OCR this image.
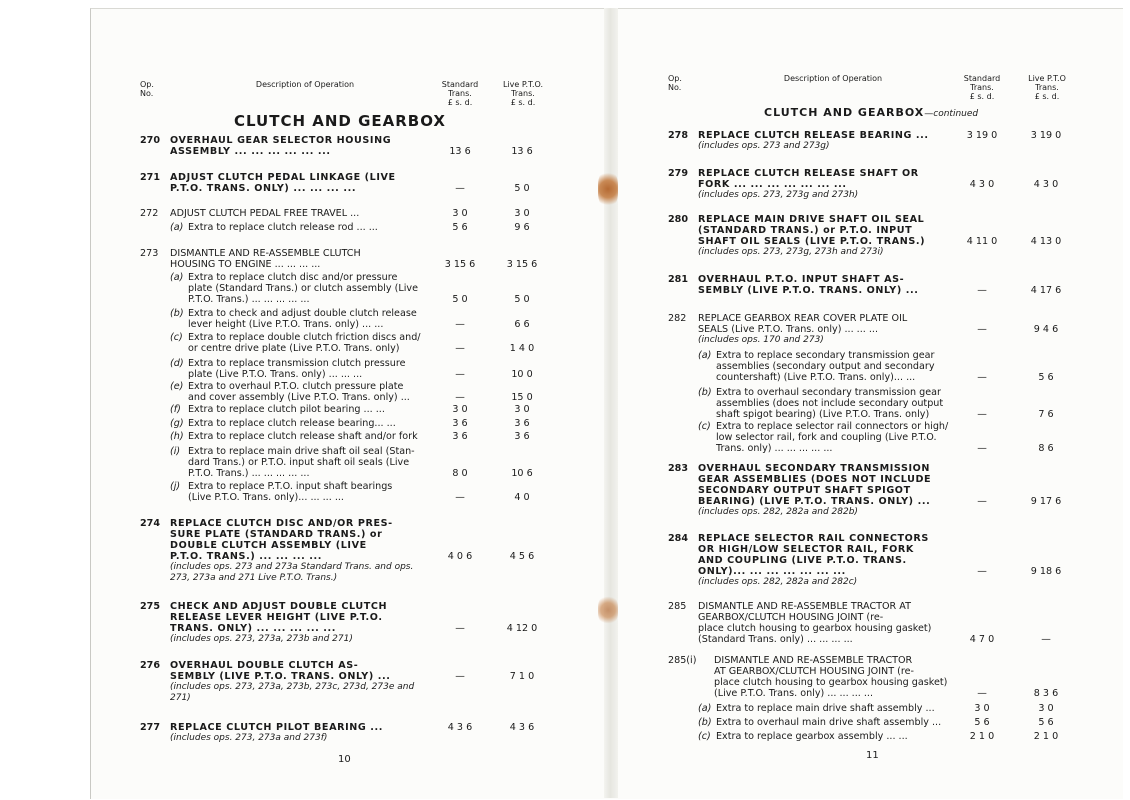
Op.
No.
Description of Operation	Standard
Trans.
£ s. d.
Live P.T.O.
Trans.
£ s. d.
CLUTCH AND GEARBOX
270 OVERHAUL GEAR SELECTOR HOUSING
ASSEMBLY ... ... ... ... ... ...	13 6	13 6
271 ADJUST CLUTCH PEDAL LINKAGE (LIVE
P.T.O. TRANS. ONLY) ... ... ... ...	—	5 0
272 ADJUST CLUTCH PEDAL FREE TRAVEL ...	3 0	3 0
(a) Extra to replace clutch release rod ... ...	5 6	9 6
273 DISMANTLE AND RE-ASSEMBLE CLUTCH
HOUSING TO ENGINE ... ... ... ...	3 15 6	3 15 6
(a) Extra to replace clutch disc and/or pressure
plate (Standard Trans.) or clutch assembly (Live
P.T.O. Trans.) ... ... ... ... ...	5 0	5 0
(b) Extra to check and adjust double clutch release
lever height (Live P.T.O. Trans. only) ... ...	—	6 6
(c) Extra to replace double clutch friction discs and/
or centre drive plate (Live P.T.O. Trans. only)	—	1 4 0
(d) Extra to replace transmission clutch pressure
plate (Live P.T.O. Trans. only) ... ... ...	—	10 0
(e) Extra to overhaul P.T.O. clutch pressure plate
and cover assembly (Live P.T.O. Trans. only) ...	—	15 0
(f) Extra to replace clutch pilot bearing ... ...	3 0	3 0
(g) Extra to replace clutch release bearing... ...	3 6	3 6
(h) Extra to replace clutch release shaft and/or fork	3 6	3 6
(i) Extra to replace main drive shaft oil seal (Stan-
dard Trans.) or P.T.O. input shaft oil seals (Live
P.T.O. Trans.) ... ... ... ... ...	8 0	10 6
(j) Extra to replace P.T.O. input shaft bearings
(Live P.T.O. Trans. only)... ... ... ...	—	4 0
274 REPLACE CLUTCH DISC AND/OR PRES-
SURE PLATE (STANDARD TRANS.) or
DOUBLE CLUTCH ASSEMBLY (LIVE
P.T.O. TRANS.) ... ... ... ...
(includes ops. 273 and 273a Standard Trans. and ops.
273, 273a and 271 Live P.T.O. Trans.)
4 0 6	4 5 6
275 CHECK AND ADJUST DOUBLE CLUTCH
RELEASE LEVER HEIGHT (LIVE P.T.O.
TRANS. ONLY) ... ... ... ... ...
(includes ops. 273, 273a, 273b and 271)
—	4 12 0
276 OVERHAUL DOUBLE CLUTCH AS-
SEMBLY (LIVE P.T.O. TRANS. ONLY) ...
(includes ops. 273, 273a, 273b, 273c, 273d, 273e and
271)
—	7 1 0
277 REPLACE CLUTCH PILOT BEARING ...
(includes ops. 273, 273a and 273f)
4 3 6	4 3 6
10
Op.
No.
Description of Operation	Standard
Trans.
£ s. d.
Live P.T.O
Trans.
£ s. d.
CLUTCH AND GEARBOX—continued
278 REPLACE CLUTCH RELEASE BEARING ...
(includes ops. 273 and 273g)
3 19 0	3 19 0
279 REPLACE CLUTCH RELEASE SHAFT OR
FORK ... ... ... ... ... ... ...
(includes ops. 273, 273g and 273h)
4 3 0	4 3 0
280 REPLACE MAIN DRIVE SHAFT OIL SEAL
(STANDARD TRANS.) or P.T.O. INPUT
SHAFT OIL SEALS (LIVE P.T.O. TRANS.)
(includes ops. 273, 273g, 273h and 273i)
4 11 0	4 13 0
281 OVERHAUL P.T.O. INPUT SHAFT AS-
SEMBLY (LIVE P.T.O. TRANS. ONLY) ...	—	4 17 6
282 REPLACE GEARBOX REAR COVER PLATE OIL
SEALS (Live P.T.O. Trans. only) ... ... ...
(includes ops. 170 and 273)
—	9 4 6
(a) Extra to replace secondary transmission gear
assemblies (secondary output and secondary
countershaft) (Live P.T.O. Trans. only)... ...	—	5 6
(b) Extra to overhaul secondary transmission gear
assemblies (does not include secondary output
shaft spigot bearing) (Live P.T.O. Trans. only)	—	7 6
(c) Extra to replace selector rail connectors or high/
low selector rail, fork and coupling (Live P.T.O.
Trans. only) ... ... ... ... ...	—	8 6
283 OVERHAUL SECONDARY TRANSMISSION
GEAR ASSEMBLIES (DOES NOT INCLUDE
SECONDARY OUTPUT SHAFT SPIGOT
BEARING) (LIVE P.T.O. TRANS. ONLY) ...
(includes ops. 282, 282a and 282b)
—	9 17 6
284 REPLACE SELECTOR RAIL CONNECTORS
OR HIGH/LOW SELECTOR RAIL, FORK
AND COUPLING (LIVE P.T.O. TRANS.
ONLY)... ... ... ... ... ... ...
(includes ops. 282, 282a and 282c)
—	9 18 6
285 DISMANTLE AND RE-ASSEMBLE TRACTOR AT
GEARBOX/CLUTCH HOUSING JOINT (re-
place clutch housing to gearbox housing gasket)
(Standard Trans. only) ... ... ... ...	4 7 0	—
285(i) DISMANTLE AND RE-ASSEMBLE TRACTOR
AT GEARBOX/CLUTCH HOUSING JOINT (re-
place clutch housing to gearbox housing gasket)
(Live P.T.O. Trans. only) ... ... ... ...	—	8 3 6
(a) Extra to replace main drive shaft assembly ...	3 0	3 0
(b) Extra to overhaul main drive shaft assembly ...	5 6	5 6
(c) Extra to replace gearbox assembly ... ...	2 1 0	2 1 0
11
